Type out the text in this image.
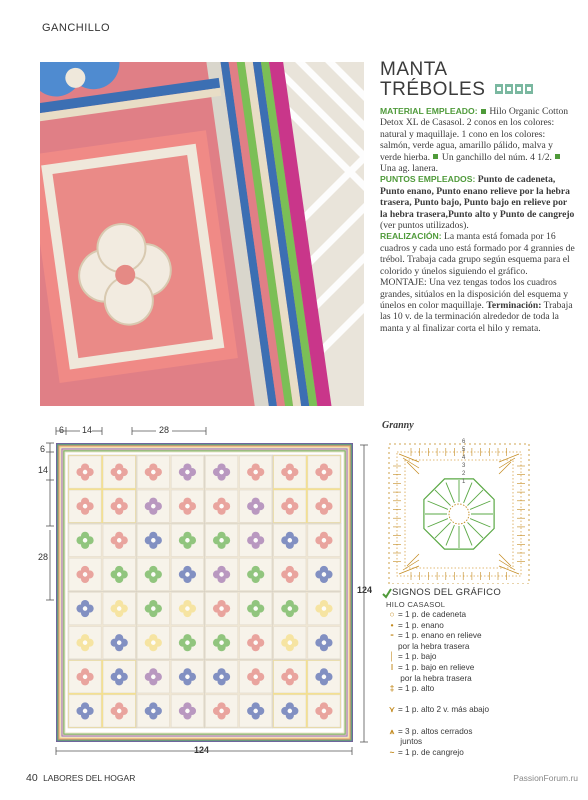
GANCHILLO
MANTA
TRÉBOLES
MATERIAL EMPLEADO: Hilo Organic Cotton Detox XL de Casasol. 2 conos en los colores: natural y maquillaje. 1 cono en los colores: salmón, verde agua, amarillo pálido, malva y verde hierba. Un ganchillo del núm. 4 1/2.  Una ag. lanera.
PUNTOS EMPLEADOS: Punto de cadeneta, Punto enano, Punto enano relieve por la hebra trasera, Punto bajo, Punto bajo en relieve por la hebra trasera,Punto alto y Punto de cangrejo (ver puntos utilizados).
REALIZACIÓN: La manta está fomada por 16 cuadros y cada uno está formado por 4 grannies de trébol. Trabaja cada grupo según esquema para el colorido y únelos siguiendo el gráfico. MONTAJE: Una vez tengas todos los cuadros grandes, sitúalos en la disposición del esquema y únelos en color maquillaje. Terminación: Trabaja las 10 v. de la terminación alrededor de toda la manta y al finalizar corta el hilo y remata.
6 14	28
6
14
28
124
124
Granny
6
5
4
3
2
1
SIGNOS DEL GRÁFICO
HILO CASASOL
○ = 1 p. de cadeneta
• = 1 p. enano
⁃ = 1 p. enano en relieve
por la hebra trasera
│ = 1 p. bajo
ǀ = 1 p. bajo en relieve
por la hebra trasera
‡ = 1 p. alto
⋎ = 1 p. alto 2 v. más abajo
⩚ = 3 p. altos cerrados
juntos
~ = 1 p. de cangrejo
40 LABORES DEL HOGAR	PassionForum.ru
